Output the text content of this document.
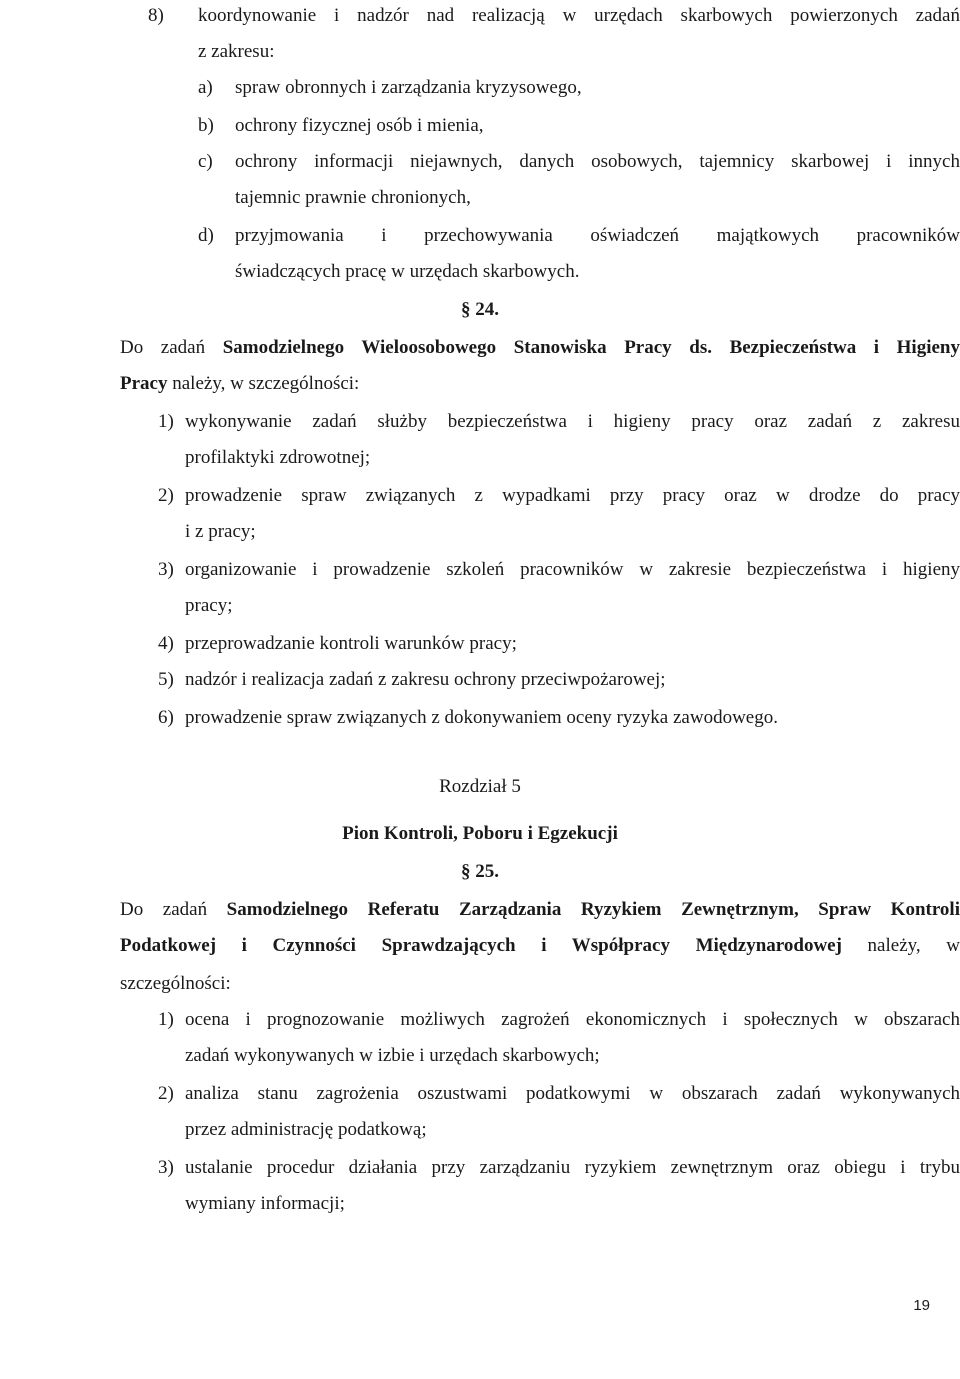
8) koordynowanie i nadzór nad realizacją w urzędach skarbowych powierzonych zadań
z zakresu:
a) spraw obronnych i zarządzania kryzysowego,
b) ochrony fizycznej osób i mienia,
c) ochrony informacji niejawnych, danych osobowych, tajemnicy skarbowej i innych
tajemnic prawnie chronionych,
d) przyjmowania i przechowywania oświadczeń majątkowych pracowników
świadczących pracę w urzędach skarbowych.
§ 24.
Do zadań Samodzielnego Wieloosobowego Stanowiska Pracy ds. Bezpieczeństwa i Higieny
Pracy należy, w szczególności:
1) wykonywanie zadań służby bezpieczeństwa i higieny pracy oraz zadań z zakresu
profilaktyki zdrowotnej;
2) prowadzenie spraw związanych z wypadkami przy pracy oraz w drodze do pracy
i z pracy;
3) organizowanie i prowadzenie szkoleń pracowników w zakresie bezpieczeństwa i higieny
pracy;
4) przeprowadzanie kontroli warunków pracy;
5) nadzór i realizacja zadań z zakresu ochrony przeciwpożarowej;
6) prowadzenie spraw związanych z dokonywaniem oceny ryzyka zawodowego.
Rozdział 5
Pion Kontroli, Poboru i Egzekucji
§ 25.
Do zadań Samodzielnego Referatu Zarządzania Ryzykiem Zewnętrznym, Spraw Kontroli
Podatkowej i Czynności Sprawdzających i Współpracy Międzynarodowej należy, w
szczególności:
1) ocena i prognozowanie możliwych zagrożeń ekonomicznych i społecznych w obszarach
zadań wykonywanych w izbie i urzędach skarbowych;
2) analiza stanu zagrożenia oszustwami podatkowymi w obszarach zadań wykonywanych
przez administrację podatkową;
3) ustalanie procedur działania przy zarządzaniu ryzykiem zewnętrznym oraz obiegu i trybu
wymiany informacji;
19
